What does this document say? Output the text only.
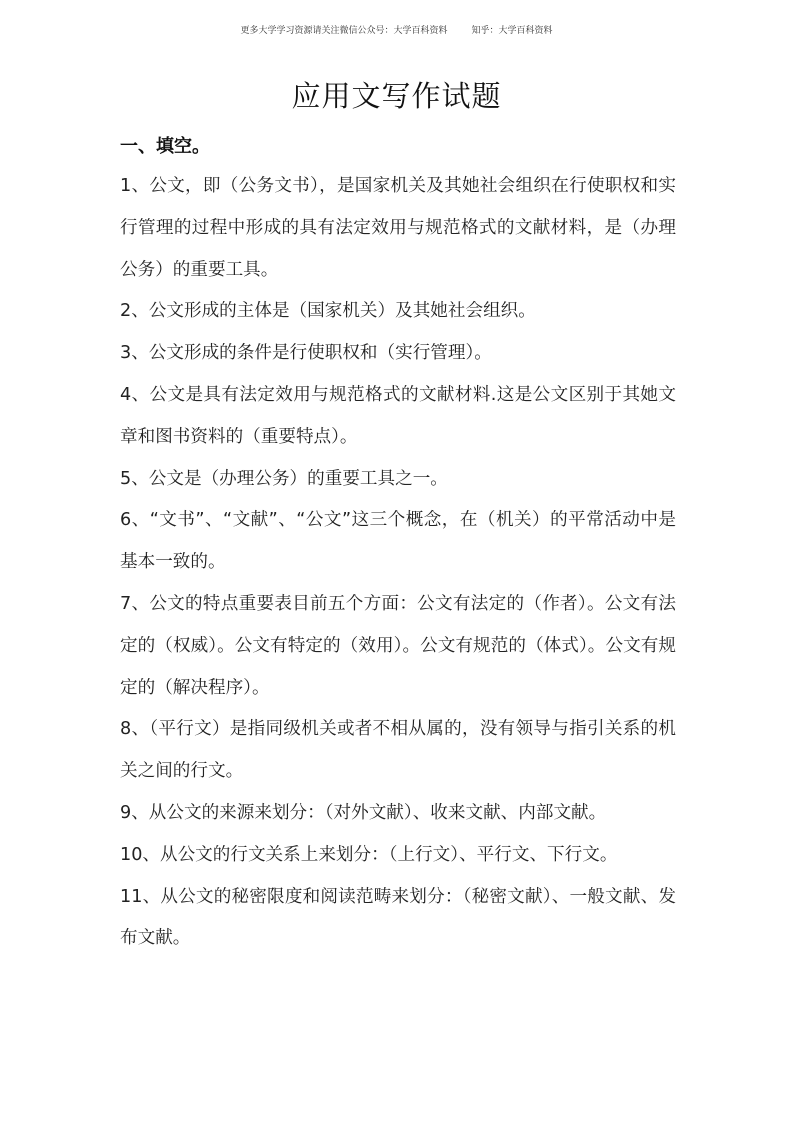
更多大学学习资源请关注微信公众号：大学百科资料	知乎：大学百科资料
应用文写作试题
一、填空。

1、公文，即（公务文书），是国家机关及其她社会组织在行使职权和实行管理的过程中形成的具有法定效用与规范格式的文献材料，是（办理公务）的重要工具。

2、公文形成的主体是（国家机关）及其她社会组织。

3、公文形成的条件是行使职权和（实行管理）。

4、公文是具有法定效用与规范格式的文献材料.这是公文区别于其她文章和图书资料的（重要特点）。

5、公文是（办理公务）的重要工具之一。

6、“文书”、“文献”、“公文”这三个概念，在（机关）的平常活动中是基本一致的。

7、公文的特点重要表目前五个方面：公文有法定的（作者）。公文有法定的（权威）。公文有特定的（效用）。公文有规范的（体式）。公文有规定的（解决程序）。

8、（平行文）是指同级机关或者不相从属的，没有领导与指引关系的机关之间的行文。

9、从公文的来源来划分：（对外文献）、收来文献、内部文献。

10、从公文的行文关系上来划分：（上行文）、平行文、下行文。

11、从公文的秘密限度和阅读范畴来划分：（秘密文献）、一般文献、发布文献。
